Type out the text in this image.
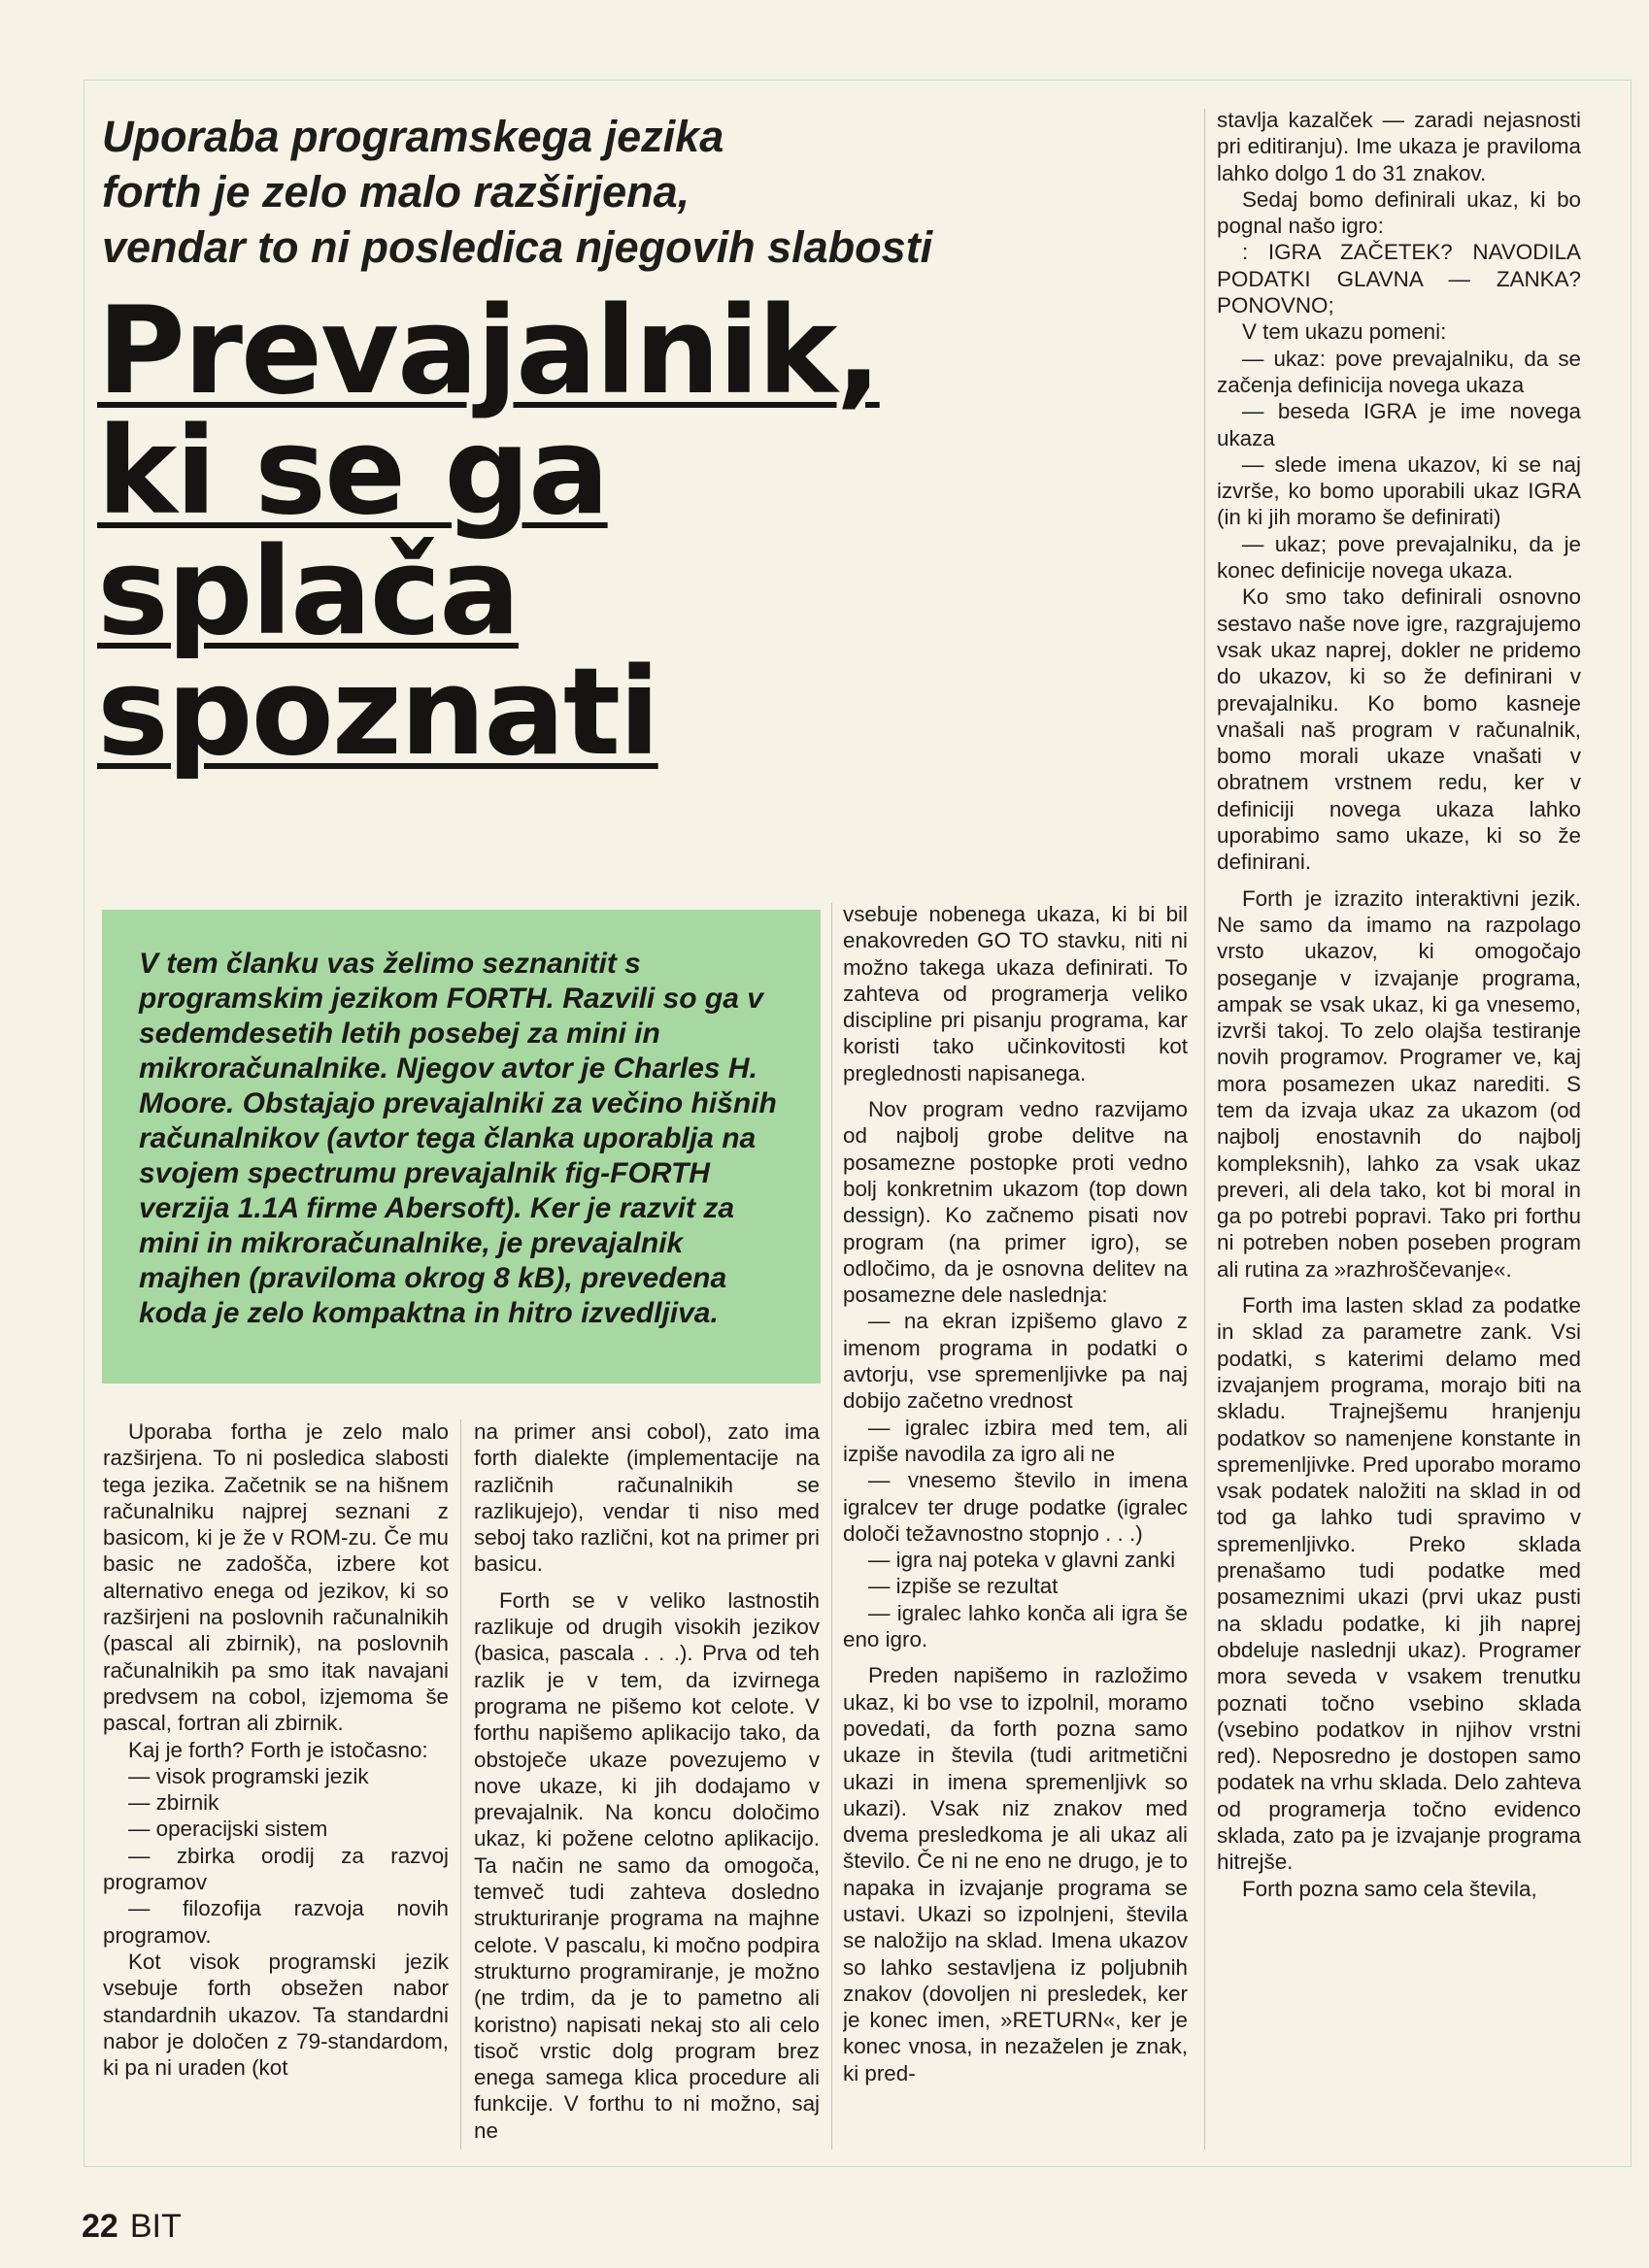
Uporaba programskega jezika
forth je zelo malo razširjena,
vendar to ni posledica njegovih slabosti
Prevajalnik,
ki se ga
splača
spoznati

V tem članku vas želimo seznanitit s programskim jezikom FORTH. Razvili so ga v sedemdesetih letih posebej za mini in mikroračunalnike. Njegov avtor je Charles H. Moore. Obstajajo prevajalniki za večino hišnih računalnikov (avtor tega članka uporablja na svojem spectrumu prevajalnik fig-FORTH verzija 1.1A firme Abersoft). Ker je razvit za mini in mikroračunalnike, je prevajalnik majhen (praviloma okrog 8 kB), prevedena koda je zelo kompaktna in hitro izvedljiva.

Uporaba fortha je zelo malo razširjena. To ni posledica slabosti tega jezika. Začetnik se na hišnem računalniku najprej seznani z basicom, ki je že v ROM-zu. Če mu basic ne zadošča, izbere kot alternativo enega od jezikov, ki so razširjeni na poslovnih računalnikih (pascal ali zbirnik), na poslovnih računalnikih pa smo itak navajani predvsem na cobol, izjemoma še pascal, fortran ali zbirnik.

Kaj je forth? Forth je istočasno:

— visok programski jezik

— zbirnik

— operacijski sistem

— zbirka orodij za razvoj programov

— filozofija razvoja novih programov.

Kot visok programski jezik vsebuje forth obsežen nabor standardnih ukazov. Ta standardni nabor je določen z 79-standardom, ki pa ni uraden (kot

na primer ansi cobol), zato ima forth dialekte (implementacije na različnih računalnikih se razlikujejo), vendar ti niso med seboj tako različni, kot na primer pri basicu.

Forth se v veliko lastnostih razlikuje od drugih visokih jezikov (basica, pascala . . .). Prva od teh razlik je v tem, da izvirnega programa ne pišemo kot celote. V forthu napišemo aplikacijo tako, da obstoječe ukaze povezujemo v nove ukaze, ki jih dodajamo v prevajalnik. Na koncu določimo ukaz, ki požene celotno aplikacijo. Ta način ne samo da omogoča, temveč tudi zahteva dosledno strukturiranje programa na majhne celote. V pascalu, ki močno podpira strukturno programiranje, je možno (ne trdim, da je to pametno ali koristno) napisati nekaj sto ali celo tisoč vrstic dolg program brez enega samega klica procedure ali funkcije. V forthu to ni možno, saj ne

vsebuje nobenega ukaza, ki bi bil enakovreden GO TO stavku, niti ni možno takega ukaza definirati. To zahteva od programerja veliko discipline pri pisanju programa, kar koristi tako učinkovitosti kot preglednosti napisanega.

Nov program vedno razvijamo od najbolj grobe delitve na posamezne postopke proti vedno bolj konkretnim ukazom (top down dessign). Ko začnemo pisati nov program (na primer igro), se odločimo, da je osnovna delitev na posamezne dele naslednja:

— na ekran izpišemo glavo z imenom programa in podatki o avtorju, vse spremenljivke pa naj dobijo začetno vrednost

— igralec izbira med tem, ali izpiše navodila za igro ali ne

— vnesemo število in imena igralcev ter druge podatke (igralec določi težavnostno stopnjo . . .)

— igra naj poteka v glavni zanki

— izpiše se rezultat

— igralec lahko konča ali igra še eno igro.

Preden napišemo in razložimo ukaz, ki bo vse to izpolnil, moramo povedati, da forth pozna samo ukaze in števila (tudi aritmetični ukazi in imena spremenljivk so ukazi). Vsak niz znakov med dvema presledkoma je ali ukaz ali število. Če ni ne eno ne drugo, je to napaka in izvajanje programa se ustavi. Ukazi so izpolnjeni, števila se naložijo na sklad. Imena ukazov so lahko sestavljena iz poljubnih znakov (dovoljen ni presledek, ker je konec imen, »RETURN«, ker je konec vnosa, in nezaželen je znak, ki pred-

stavlja kazalček — zaradi nejasnosti pri editiranju). Ime ukaza je praviloma lahko dolgo 1 do 31 znakov.

Sedaj bomo definirali ukaz, ki bo pognal našo igro:

: IGRA ZAČETEK? NAVODILA PODATKI GLAVNA — ZANKA? PONOVNO;

V tem ukazu pomeni:

— ukaz: pove prevajalniku, da se začenja definicija novega ukaza

— beseda IGRA je ime novega ukaza

— slede imena ukazov, ki se naj izvrše, ko bomo uporabili ukaz IGRA (in ki jih moramo še definirati)

— ukaz; pove prevajalniku, da je konec definicije novega ukaza.

Ko smo tako definirali osnovno sestavo naše nove igre, razgrajujemo vsak ukaz naprej, dokler ne pridemo do ukazov, ki so že definirani v prevajalniku. Ko bomo kasneje vnašali naš program v računalnik, bomo morali ukaze vnašati v obratnem vrstnem redu, ker v definiciji novega ukaza lahko uporabimo samo ukaze, ki so že definirani.

Forth je izrazito interaktivni jezik. Ne samo da imamo na razpolago vrsto ukazov, ki omogočajo poseganje v izvajanje programa, ampak se vsak ukaz, ki ga vnesemo, izvrši takoj. To zelo olajša testiranje novih programov. Programer ve, kaj mora posamezen ukaz narediti. S tem da izvaja ukaz za ukazom (od najbolj enostavnih do najbolj kompleksnih), lahko za vsak ukaz preveri, ali dela tako, kot bi moral in ga po potrebi popravi. Tako pri forthu ni potreben noben poseben program ali rutina za »razhroščevanje«.

Forth ima lasten sklad za podatke in sklad za parametre zank. Vsi podatki, s katerimi delamo med izvajanjem programa, morajo biti na skladu. Trajnejšemu hranjenju podatkov so namenjene konstante in spremenljivke. Pred uporabo moramo vsak podatek naložiti na sklad in od tod ga lahko tudi spravimo v spremenljivko. Preko sklada prenašamo tudi podatke med posameznimi ukazi (prvi ukaz pusti na skladu podatke, ki jih naprej obdeluje naslednji ukaz). Programer mora seveda v vsakem trenutku poznati točno vsebino sklada (vsebino podatkov in njihov vrstni red). Neposredno je dostopen samo podatek na vrhu sklada. Delo zahteva od programerja točno evidenco sklada, zato pa je izvajanje programa hitrejše.

Forth pozna samo cela števila,

22 BIT
